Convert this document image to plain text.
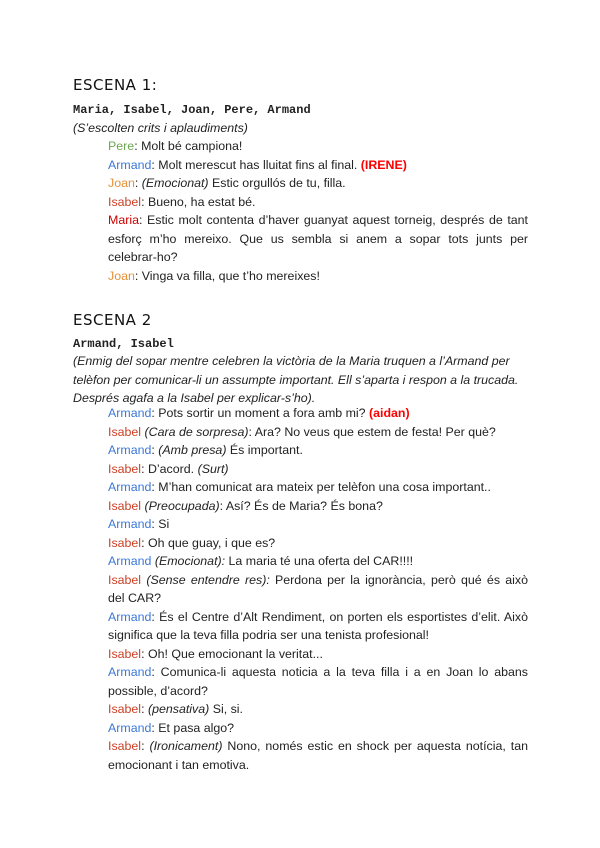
ESCENA 1:
Maria, Isabel, Joan, Pere, Armand
(S’escolten crits i aplaudiments)
Pere: Molt bé campiona!
Armand: Molt merescut has lluitat fins al final. (IRENE)
Joan: (Emocionat) Estic orgullós de tu, filla.
Isabel: Bueno, ha estat bé.
Maria: Estic molt contenta d’haver guanyat aquest torneig, després de tant esforç m’ho mereixo. Que us sembla si anem a sopar tots junts per celebrar-ho?
Joan: Vinga va filla, que t’ho mereixes!
ESCENA 2
Armand, Isabel
(Enmig del sopar mentre celebren la victòria de la Maria truquen a l’Armand per telèfon per comunicar-li un assumpte important. Ell s’aparta i respon a la trucada. Després agafa a la Isabel per explicar-s’ho).
Armand: Pots sortir un moment a fora amb mi? (aidan)
Isabel (Cara de sorpresa): Ara? No veus que estem de festa! Per què?
Armand: (Amb presa) És important.
Isabel: D’acord. (Surt)
Armand: M’han comunicat ara mateix per telèfon una cosa important..
Isabel (Preocupada): Así? És de Maria? És bona?
Armand: Si
Isabel: Oh que guay, i que es?
Armand (Emocionat): La maria té una oferta del CAR!!!!
Isabel (Sense entendre res): Perdona per la ignorància, però qué és això del CAR?
Armand: És el Centre d’Alt Rendiment, on porten els esportistes d’elit. Això significa que la teva filla podria ser una tenista profesional!
Isabel: Oh! Que emocionant la veritat...
Armand: Comunica-li aquesta noticia a la teva filla i a en Joan lo abans possible, d’acord?
Isabel: (pensativa) Si, si.
Armand: Et pasa algo?
Isabel: (Ironicament) Nono, només estic en shock per aquesta notícia, tan emocionant i tan emotiva.
